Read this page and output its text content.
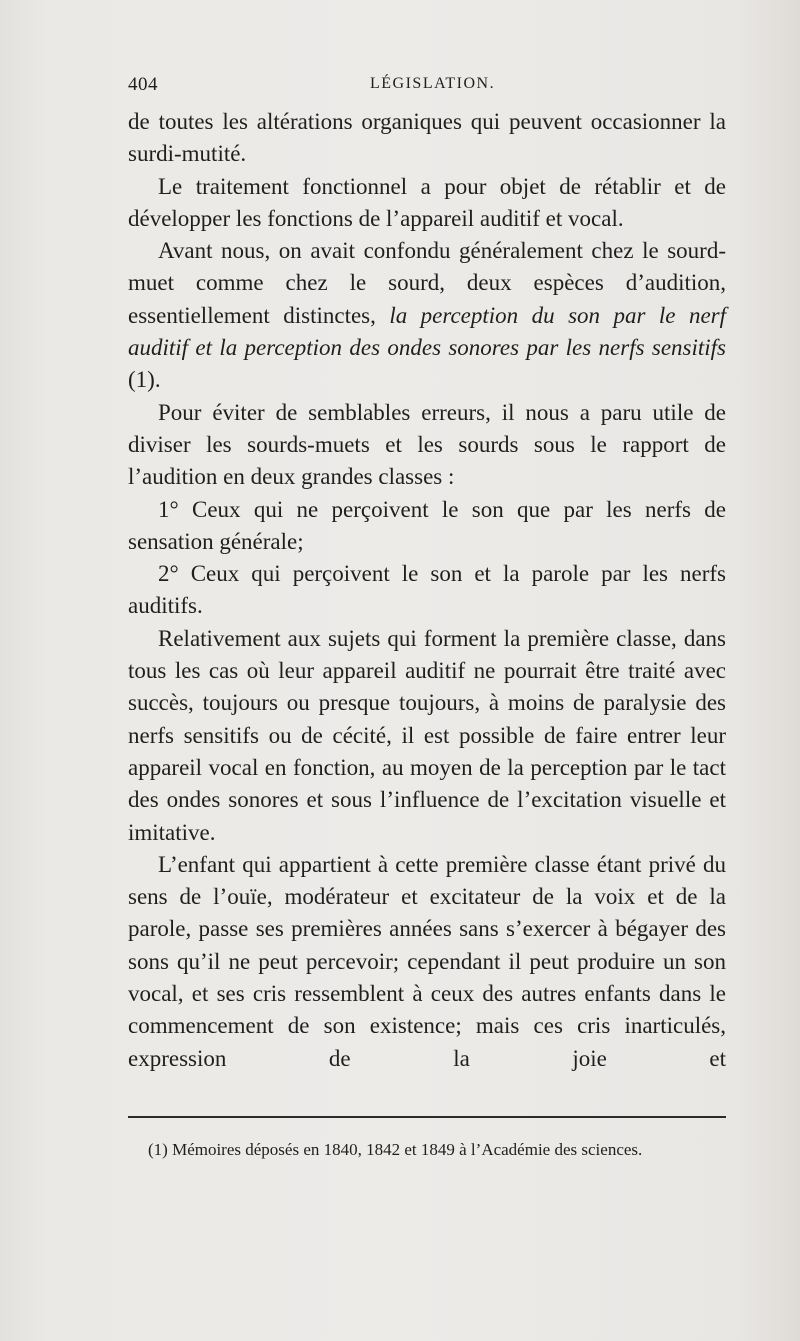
404	LÉGISLATION.

de toutes les altérations organiques qui peuvent occasionner la surdi-mutité.

Le traitement fonctionnel a pour objet de rétablir et de développer les fonctions de l’appareil auditif et vocal.

Avant nous, on avait confondu généralement chez le sourd-muet comme chez le sourd, deux espèces d’audition, essentiellement distinctes, la perception du son par le nerf auditif et la perception des ondes sonores par les nerfs sensitifs (1).

Pour éviter de semblables erreurs, il nous a paru utile de diviser les sourds-muets et les sourds sous le rapport de l’audition en deux grandes classes :

1° Ceux qui ne perçoivent le son que par les nerfs de sensation générale;

2° Ceux qui perçoivent le son et la parole par les nerfs auditifs.

Relativement aux sujets qui forment la première classe, dans tous les cas où leur appareil auditif ne pourrait être traité avec succès, toujours ou presque toujours, à moins de paralysie des nerfs sensitifs ou de cécité, il est possible de faire entrer leur appareil vocal en fonction, au moyen de la perception par le tact des ondes sonores et sous l’influence de l’excitation visuelle et imitative.

L’enfant qui appartient à cette première classe étant privé du sens de l’ouïe, modérateur et excitateur de la voix et de la parole, passe ses premières années sans s’exercer à bégayer des sons qu’il ne peut percevoir; cependant il peut produire un son vocal, et ses cris ressemblent à ceux des autres enfants dans le commencement de son existence; mais ces cris inarticulés, expression de la joie et

(1) Mémoires déposés en 1840, 1842 et 1849 à l’Académie des sciences.
